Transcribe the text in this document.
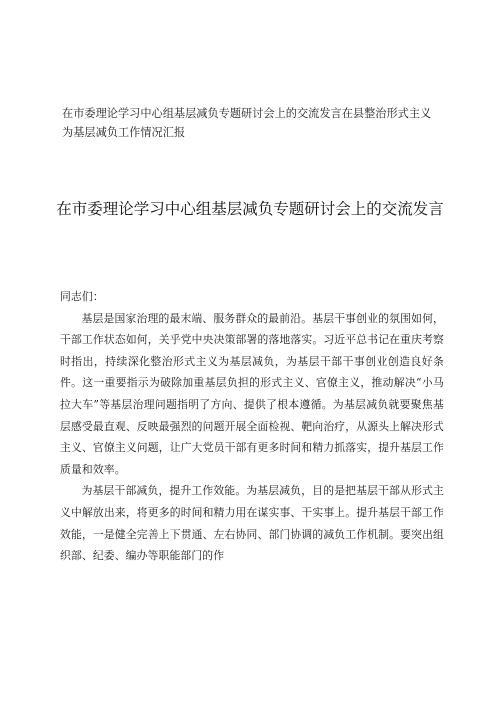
在市委理论学习中心组基层减负专题研讨会上的交流发言在县整治形式主义为基层减负工作情况汇报
在市委理论学习中心组基层减负专题研讨会上的交流发言

同志们：

基层是国家治理的最末端、服务群众的最前沿。基层干事创业的氛围如何，干部工作状态如何，关乎党中央决策部署的落地落实。习近平总书记在重庆考察时指出，持续深化整治形式主义为基层减负，为基层干部干事创业创造良好条件。这一重要指示为破除加重基层负担的形式主义、官僚主义，推动解决“小马拉大车”等基层治理问题指明了方向、提供了根本遵循。为基层减负就要聚焦基层感受最直观、反映最强烈的问题开展全面检视、靶向治疗，从源头上解决形式主义、官僚主义问题，让广大党员干部有更多时间和精力抓落实，提升基层工作质量和效率。

为基层干部减负，提升工作效能。为基层减负，目的是把基层干部从形式主义中解放出来，将更多的时间和精力用在谋实事、干实事上。提升基层干部工作效能，一是健全完善上下贯通、左右协同、部门协调的减负工作机制。要突出组织部、纪委、编办等职能部门的作
